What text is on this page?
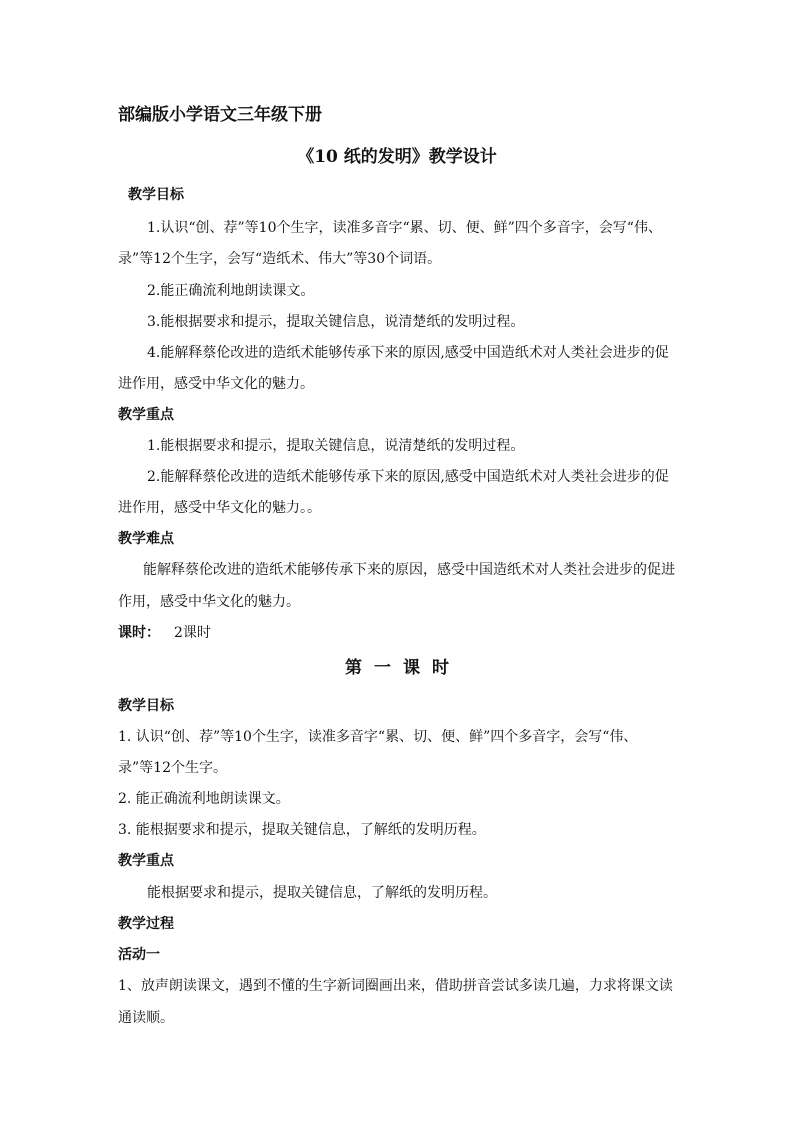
部编版小学语文三年级下册
《10 纸的发明》教学设计
教学目标
1.认识“创、荐”等10个生字，读准多音字“累、切、便、鲜”四个多音字，会写“伟、
录”等12个生字，会写“造纸术、伟大”等30个词语。
2.能正确流利地朗读课文。
3.能根据要求和提示，提取关键信息，说清楚纸的发明过程。
4.能解释蔡伦改进的造纸术能够传承下来的原因,感受中国造纸术对人类社会进步的促
进作用，感受中华文化的魅力。
教学重点
1.能根据要求和提示，提取关键信息，说清楚纸的发明过程。
2.能解释蔡伦改进的造纸术能够传承下来的原因,感受中国造纸术对人类社会进步的促
进作用，感受中华文化的魅力。。
教学难点
能解释蔡伦改进的造纸术能够传承下来的原因，感受中国造纸术对人类社会进步的促进
作用，感受中华文化的魅力。
课时： 2课时
第一课时
教学目标
1. 认识“创、荐”等10个生字，读准多音字“累、切、便、鲜”四个多音字，会写“伟、
录”等12个生字。
2. 能正确流利地朗读课文。
3. 能根据要求和提示，提取关键信息，了解纸的发明历程。
教学重点
能根据要求和提示，提取关键信息，了解纸的发明历程。
教学过程
活动一
1、放声朗读课文，遇到不懂的生字新词圈画出来，借助拼音尝试多读几遍，力求将课文读
通读顺。
